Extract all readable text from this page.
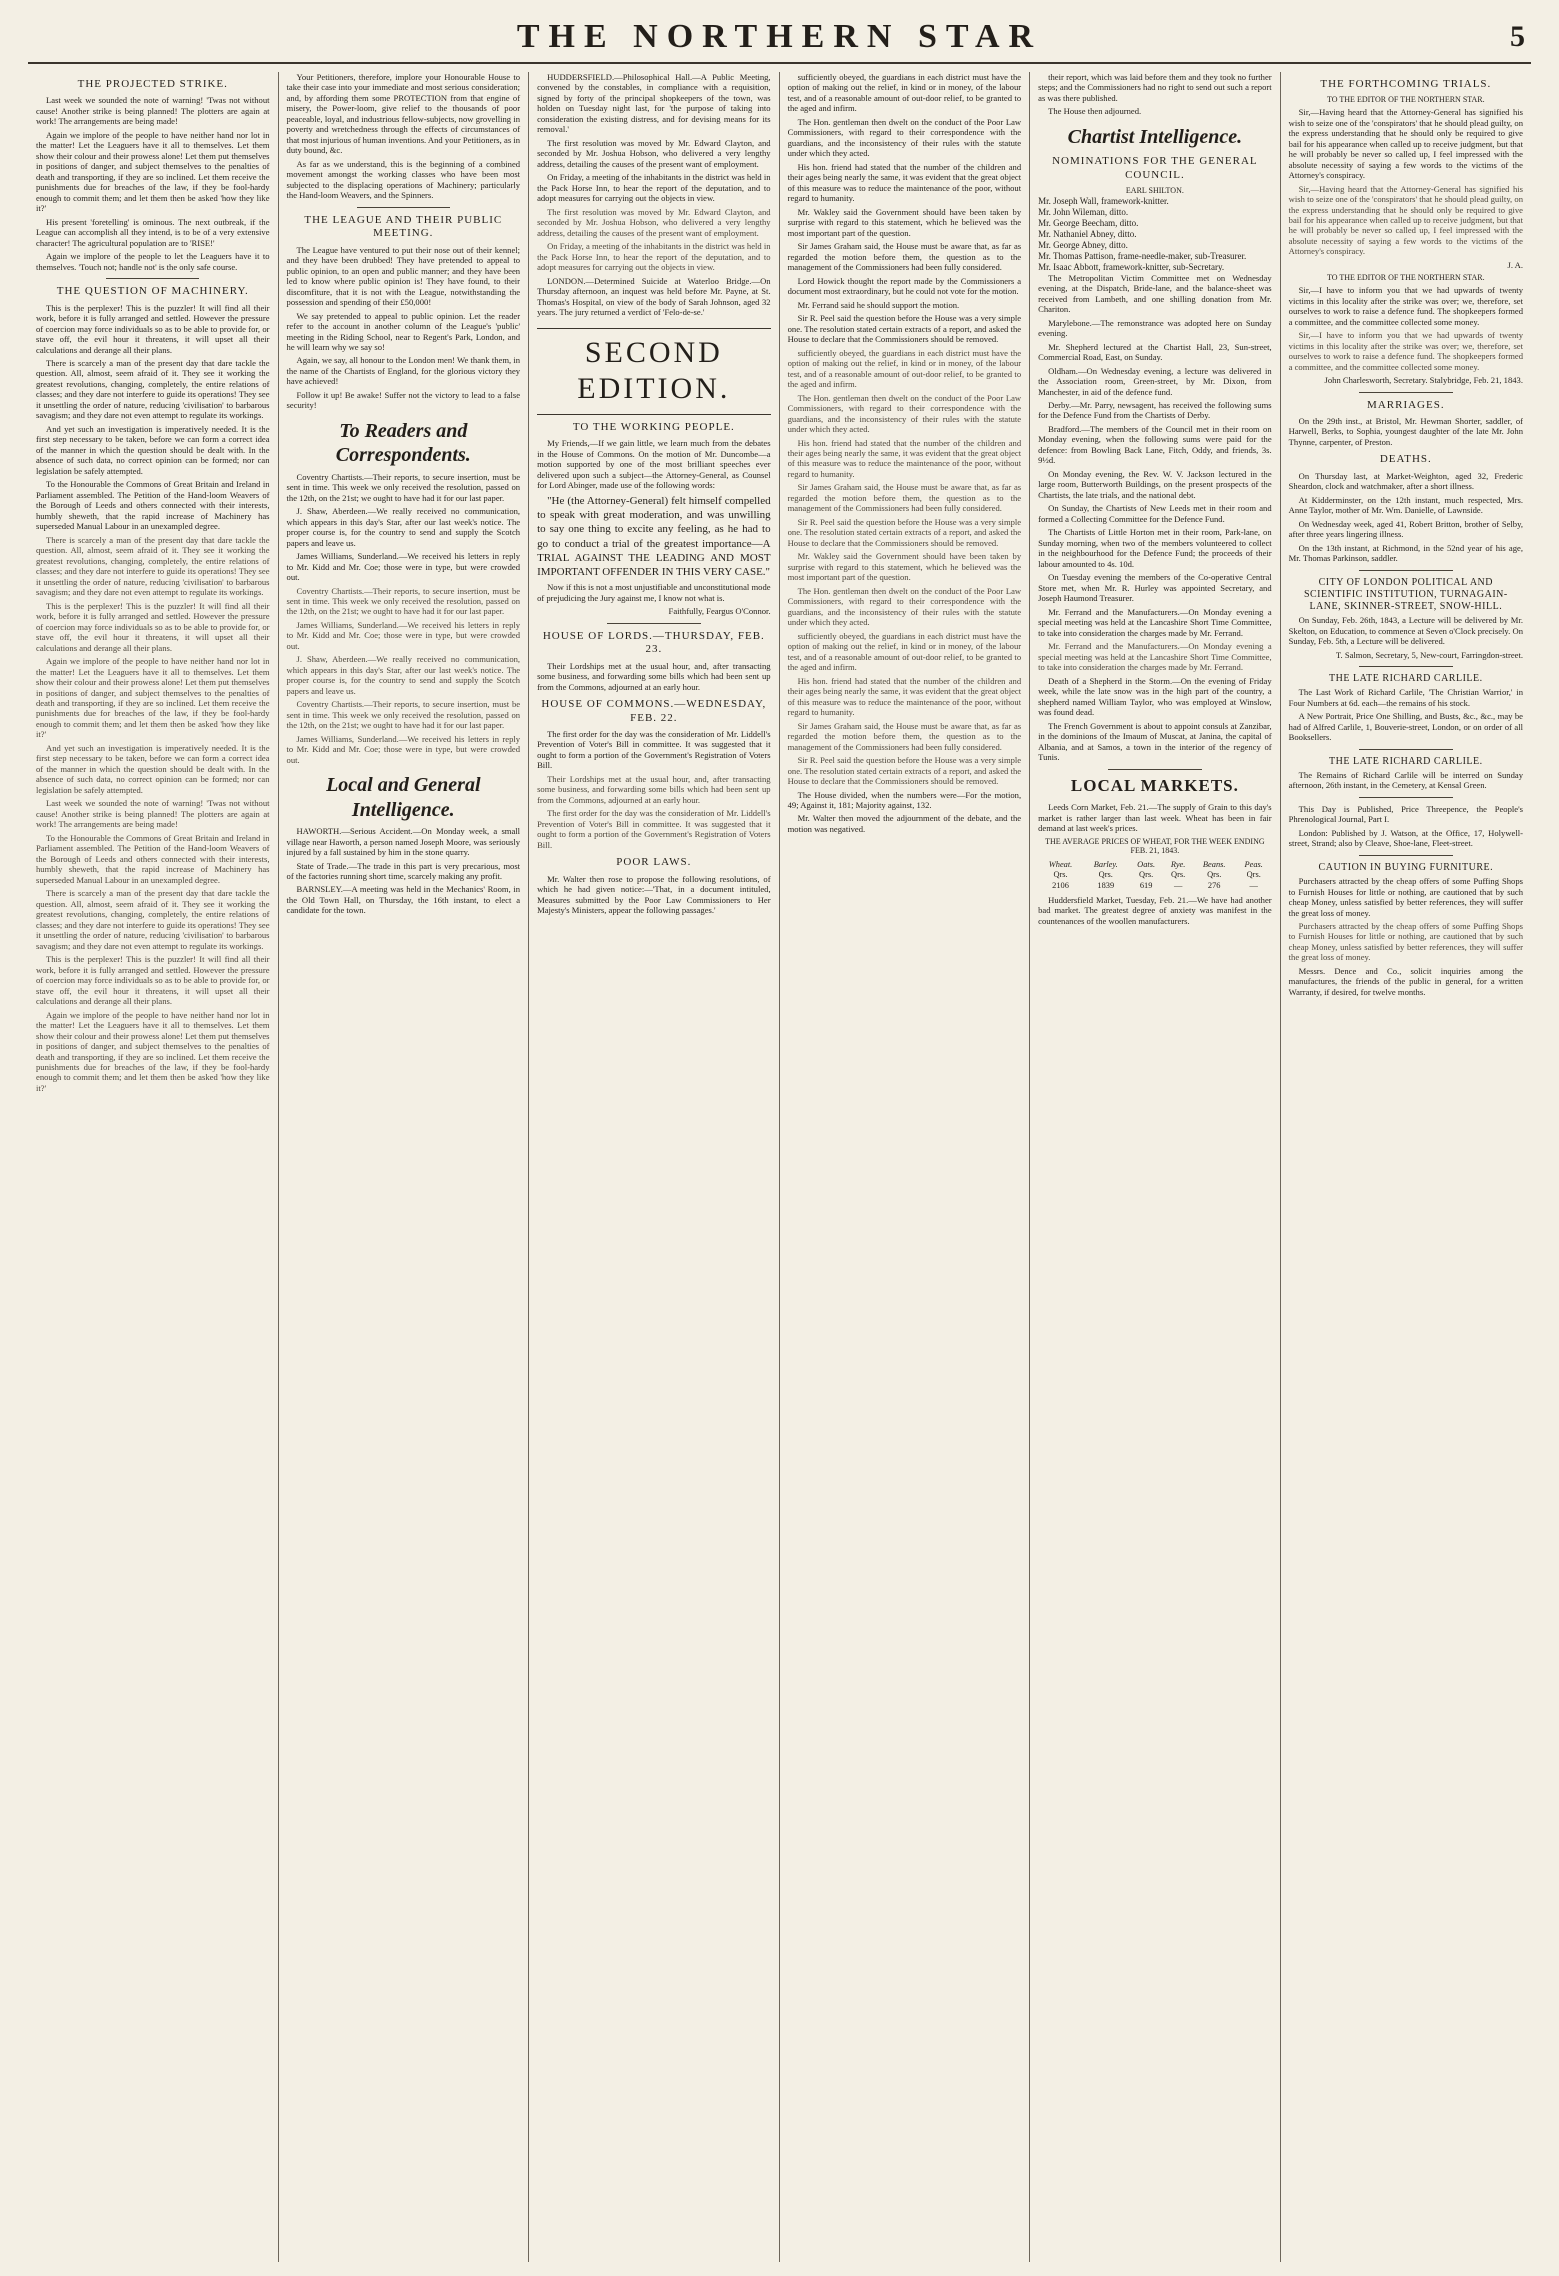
THE NORTHERN STAR	5
THE PROJECTED STRIKE.

Last week we sounded the note of warning! 'Twas not without cause! Another strike is being planned! The plotters are again at work! The arrangements are being made!

Again we implore of the people to have neither hand nor lot in the matter! Let the Leaguers have it all to themselves. Let them show their colour and their prowess alone! Let them put themselves in positions of danger, and subject themselves to the penalties of death and transporting, if they are so inclined. Let them receive the punishments due for breaches of the law, if they be fool-hardy enough to commit them; and let them then be asked 'how they like it?'

His present 'foretelling' is ominous. The next outbreak, if the League can accomplish all they intend, is to be of a very extensive character! The agricultural population are to 'RISE!'

Again we implore of the people to let the Leaguers have it to themselves. 'Touch not; handle not' is the only safe course.

THE QUESTION OF MACHINERY.

This is the perplexer! This is the puzzler! It will find all their work, before it is fully arranged and settled. However the pressure of coercion may force individuals so as to be able to provide for, or stave off, the evil hour it threatens, it will upset all their calculations and derange all their plans.

There is scarcely a man of the present day that dare tackle the question. All, almost, seem afraid of it. They see it working the greatest revolutions, changing, completely, the entire relations of classes; and they dare not interfere to guide its operations! They see it unsettling the order of nature, reducing 'civilisation' to barbarous savagism; and they dare not even attempt to regulate its workings.

And yet such an investigation is imperatively needed. It is the first step necessary to be taken, before we can form a correct idea of the manner in which the question should be dealt with. In the absence of such data, no correct opinion can be formed; nor can legislation be safely attempted.

To the Honourable the Commons of Great Britain and Ireland in Parliament assembled. The Petition of the Hand-loom Weavers of the Borough of Leeds and others connected with their interests, humbly sheweth, that the rapid increase of Machinery has superseded Manual Labour in an unexampled degree.

There is scarcely a man of the present day that dare tackle the question. All, almost, seem afraid of it. They see it working the greatest revolutions, changing, completely, the entire relations of classes; and they dare not interfere to guide its operations! They see it unsettling the order of nature, reducing 'civilisation' to barbarous savagism; and they dare not even attempt to regulate its workings.

This is the perplexer! This is the puzzler! It will find all their work, before it is fully arranged and settled. However the pressure of coercion may force individuals so as to be able to provide for, or stave off, the evil hour it threatens, it will upset all their calculations and derange all their plans.

Again we implore of the people to have neither hand nor lot in the matter! Let the Leaguers have it all to themselves. Let them show their colour and their prowess alone! Let them put themselves in positions of danger, and subject themselves to the penalties of death and transporting, if they are so inclined. Let them receive the punishments due for breaches of the law, if they be fool-hardy enough to commit them; and let them then be asked 'how they like it?'

And yet such an investigation is imperatively needed. It is the first step necessary to be taken, before we can form a correct idea of the manner in which the question should be dealt with. In the absence of such data, no correct opinion can be formed; nor can legislation be safely attempted.

Last week we sounded the note of warning! 'Twas not without cause! Another strike is being planned! The plotters are again at work! The arrangements are being made!

To the Honourable the Commons of Great Britain and Ireland in Parliament assembled. The Petition of the Hand-loom Weavers of the Borough of Leeds and others connected with their interests, humbly sheweth, that the rapid increase of Machinery has superseded Manual Labour in an unexampled degree.

There is scarcely a man of the present day that dare tackle the question. All, almost, seem afraid of it. They see it working the greatest revolutions, changing, completely, the entire relations of classes; and they dare not interfere to guide its operations! They see it unsettling the order of nature, reducing 'civilisation' to barbarous savagism; and they dare not even attempt to regulate its workings.

This is the perplexer! This is the puzzler! It will find all their work, before it is fully arranged and settled. However the pressure of coercion may force individuals so as to be able to provide for, or stave off, the evil hour it threatens, it will upset all their calculations and derange all their plans.

Again we implore of the people to have neither hand nor lot in the matter! Let the Leaguers have it all to themselves. Let them show their colour and their prowess alone! Let them put themselves in positions of danger, and subject themselves to the penalties of death and transporting, if they are so inclined. Let them receive the punishments due for breaches of the law, if they be fool-hardy enough to commit them; and let them then be asked 'how they like it?'

Your Petitioners, therefore, implore your Honourable House to take their case into your immediate and most serious consideration; and, by affording them some PROTECTION from that engine of misery, the Power-loom, give relief to the thousands of poor peaceable, loyal, and industrious fellow-subjects, now grovelling in poverty and wretchedness through the effects of circumstances of that most injurious of human inventions. And your Petitioners, as in duty bound, &c.

As far as we understand, this is the beginning of a combined movement amongst the working classes who have been most subjected to the displacing operations of Machinery; particularly the Hand-loom Weavers, and the Spinners.

THE LEAGUE AND THEIR PUBLIC MEETING.

The League have ventured to put their nose out of their kennel; and they have been drubbed! They have pretended to appeal to public opinion, to an open and public manner; and they have been led to know where public opinion is! They have found, to their discomfiture, that it is not with the League, notwithstanding the possession and spending of their £50,000!

We say pretended to appeal to public opinion. Let the reader refer to the account in another column of the League's 'public' meeting in the Riding School, near to Regent's Park, London, and he will learn why we say so!

Again, we say, all honour to the London men! We thank them, in the name of the Chartists of England, for the glorious victory they have achieved!

Follow it up! Be awake! Suffer not the victory to lead to a false security!

To Readers and Correspondents.

Coventry Chartists.—Their reports, to secure insertion, must be sent in time. This week we only received the resolution, passed on the 12th, on the 21st; we ought to have had it for our last paper.

J. Shaw, Aberdeen.—We really received no communication, which appears in this day's Star, after our last week's notice. The proper course is, for the country to send and supply the Scotch papers and leave us.

James Williams, Sunderland.—We received his letters in reply to Mr. Kidd and Mr. Coe; those were in type, but were crowded out.

Coventry Chartists.—Their reports, to secure insertion, must be sent in time. This week we only received the resolution, passed on the 12th, on the 21st; we ought to have had it for our last paper.

James Williams, Sunderland.—We received his letters in reply to Mr. Kidd and Mr. Coe; those were in type, but were crowded out.

J. Shaw, Aberdeen.—We really received no communication, which appears in this day's Star, after our last week's notice. The proper course is, for the country to send and supply the Scotch papers and leave us.

Coventry Chartists.—Their reports, to secure insertion, must be sent in time. This week we only received the resolution, passed on the 12th, on the 21st; we ought to have had it for our last paper.

James Williams, Sunderland.—We received his letters in reply to Mr. Kidd and Mr. Coe; those were in type, but were crowded out.

Local and General Intelligence.

HAWORTH.—Serious Accident.—On Monday week, a small village near Haworth, a person named Joseph Moore, was seriously injured by a fall sustained by him in the stone quarry.

State of Trade.—The trade in this part is very precarious, most of the factories running short time, scarcely making any profit.

BARNSLEY.—A meeting was held in the Mechanics' Room, in the Old Town Hall, on Thursday, the 16th instant, to elect a candidate for the town.

HUDDERSFIELD.—Philosophical Hall.—A Public Meeting, convened by the constables, in compliance with a requisition, signed by forty of the principal shopkeepers of the town, was holden on Tuesday night last, for 'the purpose of taking into consideration the existing distress, and for devising means for its removal.'

The first resolution was moved by Mr. Edward Clayton, and seconded by Mr. Joshua Hobson, who delivered a very lengthy address, detailing the causes of the present want of employment.

On Friday, a meeting of the inhabitants in the district was held in the Pack Horse Inn, to hear the report of the deputation, and to adopt measures for carrying out the objects in view.

The first resolution was moved by Mr. Edward Clayton, and seconded by Mr. Joshua Hobson, who delivered a very lengthy address, detailing the causes of the present want of employment.

On Friday, a meeting of the inhabitants in the district was held in the Pack Horse Inn, to hear the report of the deputation, and to adopt measures for carrying out the objects in view.

LONDON.—Determined Suicide at Waterloo Bridge.—On Thursday afternoon, an inquest was held before Mr. Payne, at St. Thomas's Hospital, on view of the body of Sarah Johnson, aged 32 years. The jury returned a verdict of 'Felo-de-se.'

SECOND EDITION.
TO THE WORKING PEOPLE.

My Friends,—If we gain little, we learn much from the debates in the House of Commons. On the motion of Mr. Duncombe—a motion supported by one of the most brilliant speeches ever delivered upon such a subject—the Attorney-General, as Counsel for Lord Abinger, made use of the following words:

"He (the Attorney-General) felt himself compelled to speak with great moderation, and was unwilling to say one thing to excite any feeling, as he had to go to conduct a trial of the greatest importance—A TRIAL AGAINST THE LEADING AND MOST IMPORTANT OFFENDER IN THIS VERY CASE."

Now if this is not a most unjustifiable and unconstitutional mode of prejudicing the Jury against me, I know not what is.

Faithfully, Feargus O'Connor.

HOUSE OF LORDS.—THURSDAY, FEB. 23.

Their Lordships met at the usual hour, and, after transacting some business, and forwarding some bills which had been sent up from the Commons, adjourned at an early hour.

HOUSE OF COMMONS.—WEDNESDAY, FEB. 22.

The first order for the day was the consideration of Mr. Liddell's Prevention of Voter's Bill in committee. It was suggested that it ought to form a portion of the Government's Registration of Voters Bill.

Their Lordships met at the usual hour, and, after transacting some business, and forwarding some bills which had been sent up from the Commons, adjourned at an early hour.

The first order for the day was the consideration of Mr. Liddell's Prevention of Voter's Bill in committee. It was suggested that it ought to form a portion of the Government's Registration of Voters Bill.

POOR LAWS.

Mr. Walter then rose to propose the following resolutions, of which he had given notice:—'That, in a document intituled, Measures submitted by the Poor Law Commissioners to Her Majesty's Ministers, appear the following passages.'

sufficiently obeyed, the guardians in each district must have the option of making out the relief, in kind or in money, of the labour test, and of a reasonable amount of out-door relief, to be granted to the aged and infirm.

The Hon. gentleman then dwelt on the conduct of the Poor Law Commissioners, with regard to their correspondence with the guardians, and the inconsistency of their rules with the statute under which they acted.

His hon. friend had stated that the number of the children and their ages being nearly the same, it was evident that the great object of this measure was to reduce the maintenance of the poor, without regard to humanity.

Mr. Wakley said the Government should have been taken by surprise with regard to this statement, which he believed was the most important part of the question.

Sir James Graham said, the House must be aware that, as far as regarded the motion before them, the question as to the management of the Commissioners had been fully considered.

Lord Howick thought the report made by the Commissioners a document most extraordinary, but he could not vote for the motion.

Mr. Ferrand said he should support the motion.

Sir R. Peel said the question before the House was a very simple one. The resolution stated certain extracts of a report, and asked the House to declare that the Commissioners should be removed.

sufficiently obeyed, the guardians in each district must have the option of making out the relief, in kind or in money, of the labour test, and of a reasonable amount of out-door relief, to be granted to the aged and infirm.

The Hon. gentleman then dwelt on the conduct of the Poor Law Commissioners, with regard to their correspondence with the guardians, and the inconsistency of their rules with the statute under which they acted.

His hon. friend had stated that the number of the children and their ages being nearly the same, it was evident that the great object of this measure was to reduce the maintenance of the poor, without regard to humanity.

Sir James Graham said, the House must be aware that, as far as regarded the motion before them, the question as to the management of the Commissioners had been fully considered.

Sir R. Peel said the question before the House was a very simple one. The resolution stated certain extracts of a report, and asked the House to declare that the Commissioners should be removed.

Mr. Wakley said the Government should have been taken by surprise with regard to this statement, which he believed was the most important part of the question.

The Hon. gentleman then dwelt on the conduct of the Poor Law Commissioners, with regard to their correspondence with the guardians, and the inconsistency of their rules with the statute under which they acted.

sufficiently obeyed, the guardians in each district must have the option of making out the relief, in kind or in money, of the labour test, and of a reasonable amount of out-door relief, to be granted to the aged and infirm.

His hon. friend had stated that the number of the children and their ages being nearly the same, it was evident that the great object of this measure was to reduce the maintenance of the poor, without regard to humanity.

Sir James Graham said, the House must be aware that, as far as regarded the motion before them, the question as to the management of the Commissioners had been fully considered.

Sir R. Peel said the question before the House was a very simple one. The resolution stated certain extracts of a report, and asked the House to declare that the Commissioners should be removed.

The House divided, when the numbers were—For the motion, 49; Against it, 181; Majority against, 132.

Mr. Walter then moved the adjournment of the debate, and the motion was negatived.

their report, which was laid before them and they took no further steps; and the Commissioners had no right to send out such a report as was there published.

The House then adjourned.

Chartist Intelligence.
NOMINATIONS FOR THE GENERAL COUNCIL.
EARL SHILTON.
Mr. Joseph Wall, framework-knitter.
Mr. John Wileman, ditto.
Mr. George Beecham, ditto.
Mr. Nathaniel Abney, ditto.
Mr. George Abney, ditto.
Mr. Thomas Pattison, frame-needle-maker, sub-Treasurer.
Mr. Isaac Abbott, framework-knitter, sub-Secretary.

The Metropolitan Victim Committee met on Wednesday evening, at the Dispatch, Bride-lane, and the balance-sheet was received from Lambeth, and one shilling donation from Mr. Chariton.

Marylebone.—The remonstrance was adopted here on Sunday evening.

Mr. Shepherd lectured at the Chartist Hall, 23, Sun-street, Commercial Road, East, on Sunday.

Oldham.—On Wednesday evening, a lecture was delivered in the Association room, Green-street, by Mr. Dixon, from Manchester, in aid of the defence fund.

Derby.—Mr. Parry, newsagent, has received the following sums for the Defence Fund from the Chartists of Derby.

Bradford.—The members of the Council met in their room on Monday evening, when the following sums were paid for the defence: from Bowling Back Lane, Fitch, Oddy, and friends, 3s. 9½d.

On Monday evening, the Rev. W. V. Jackson lectured in the large room, Butterworth Buildings, on the present prospects of the Chartists, the late trials, and the national debt.

On Sunday, the Chartists of New Leeds met in their room and formed a Collecting Committee for the Defence Fund.

The Chartists of Little Horton met in their room, Park-lane, on Sunday morning, when two of the members volunteered to collect in the neighbourhood for the Defence Fund; the proceeds of their labour amounted to 4s. 10d.

On Tuesday evening the members of the Co-operative Central Store met, when Mr. R. Hurley was appointed Secretary, and Joseph Haumond Treasurer.

Mr. Ferrand and the Manufacturers.—On Monday evening a special meeting was held at the Lancashire Short Time Committee, to take into consideration the charges made by Mr. Ferrand.

Mr. Ferrand and the Manufacturers.—On Monday evening a special meeting was held at the Lancashire Short Time Committee, to take into consideration the charges made by Mr. Ferrand.

Death of a Shepherd in the Storm.—On the evening of Friday week, while the late snow was in the high part of the country, a shepherd named William Taylor, who was employed at Winslow, was found dead.

The French Government is about to appoint consuls at Zanzibar, in the dominions of the Imaum of Muscat, at Janina, the capital of Albania, and at Samos, a town in the interior of the regency of Tunis.

LOCAL MARKETS.

Leeds Corn Market, Feb. 21.—The supply of Grain to this day's market is rather larger than last week. Wheat has been in fair demand at last week's prices.

THE AVERAGE PRICES OF WHEAT, FOR THE WEEK ENDING FEB. 21, 1843.
Wheat.	Barley.	Oats.	Rye.	Beans.	Peas.
Qrs.	Qrs.	Qrs.	Qrs.	Qrs.	Qrs.
2106	1839	619	—	276	—

Huddersfield Market, Tuesday, Feb. 21.—We have had another bad market. The greatest degree of anxiety was manifest in the countenances of the woollen manufacturers.

THE FORTHCOMING TRIALS.
TO THE EDITOR OF THE NORTHERN STAR.

Sir,—Having heard that the Attorney-General has signified his wish to seize one of the 'conspirators' that he should plead guilty, on the express understanding that he should only be required to give bail for his appearance when called up to receive judgment, but that he will probably be never so called up, I feel impressed with the absolute necessity of saying a few words to the victims of the Attorney's conspiracy.

Sir,—Having heard that the Attorney-General has signified his wish to seize one of the 'conspirators' that he should plead guilty, on the express understanding that he should only be required to give bail for his appearance when called up to receive judgment, but that he will probably be never so called up, I feel impressed with the absolute necessity of saying a few words to the victims of the Attorney's conspiracy.

J. A.

TO THE EDITOR OF THE NORTHERN STAR.

Sir,—I have to inform you that we had upwards of twenty victims in this locality after the strike was over; we, therefore, set ourselves to work to raise a defence fund. The shopkeepers formed a committee, and the committee collected some money.

Sir,—I have to inform you that we had upwards of twenty victims in this locality after the strike was over; we, therefore, set ourselves to work to raise a defence fund. The shopkeepers formed a committee, and the committee collected some money.

John Charlesworth, Secretary. Stalybridge, Feb. 21, 1843.

MARRIAGES.

On the 29th inst., at Bristol, Mr. Hewman Shorter, saddler, of Harwell, Berks, to Sophia, youngest daughter of the late Mr. John Thynne, carpenter, of Preston.

DEATHS.

On Thursday last, at Market-Weighton, aged 32, Frederic Sheardon, clock and watchmaker, after a short illness.

At Kidderminster, on the 12th instant, much respected, Mrs. Anne Taylor, mother of Mr. Wm. Danielle, of Lawnside.

On Wednesday week, aged 41, Robert Britton, brother of Selby, after three years lingering illness.

On the 13th instant, at Richmond, in the 52nd year of his age, Mr. Thomas Parkinson, saddler.

CITY OF LONDON POLITICAL AND SCIENTIFIC INSTITUTION, TURNAGAIN-LANE, SKINNER-STREET, SNOW-HILL.

On Sunday, Feb. 26th, 1843, a Lecture will be delivered by Mr. Skelton, on Education, to commence at Seven o'Clock precisely. On Sunday, Feb. 5th, a Lecture will be delivered.

T. Salmon, Secretary, 5, New-court, Farringdon-street.

THE LATE RICHARD CARLILE.

The Last Work of Richard Carlile, 'The Christian Warrior,' in Four Numbers at 6d. each—the remains of his stock.

A New Portrait, Price One Shilling, and Busts, &c., &c., may be had of Alfred Carlile, 1, Bouverie-street, London, or on order of all Booksellers.

THE LATE RICHARD CARLILE.

The Remains of Richard Carlile will be interred on Sunday afternoon, 26th instant, in the Cemetery, at Kensal Green.

This Day is Published, Price Threepence, the People's Phrenological Journal, Part I.

London: Published by J. Watson, at the Office, 17, Holywell-street, Strand; also by Cleave, Shoe-lane, Fleet-street.

CAUTION IN BUYING FURNITURE.

Purchasers attracted by the cheap offers of some Puffing Shops to Furnish Houses for little or nothing, are cautioned that by such cheap Money, unless satisfied by better references, they will suffer the great loss of money.

Purchasers attracted by the cheap offers of some Puffing Shops to Furnish Houses for little or nothing, are cautioned that by such cheap Money, unless satisfied by better references, they will suffer the great loss of money.

Messrs. Dence and Co., solicit inquiries among the manufactures, the friends of the public in general, for a written Warranty, if desired, for twelve months.
